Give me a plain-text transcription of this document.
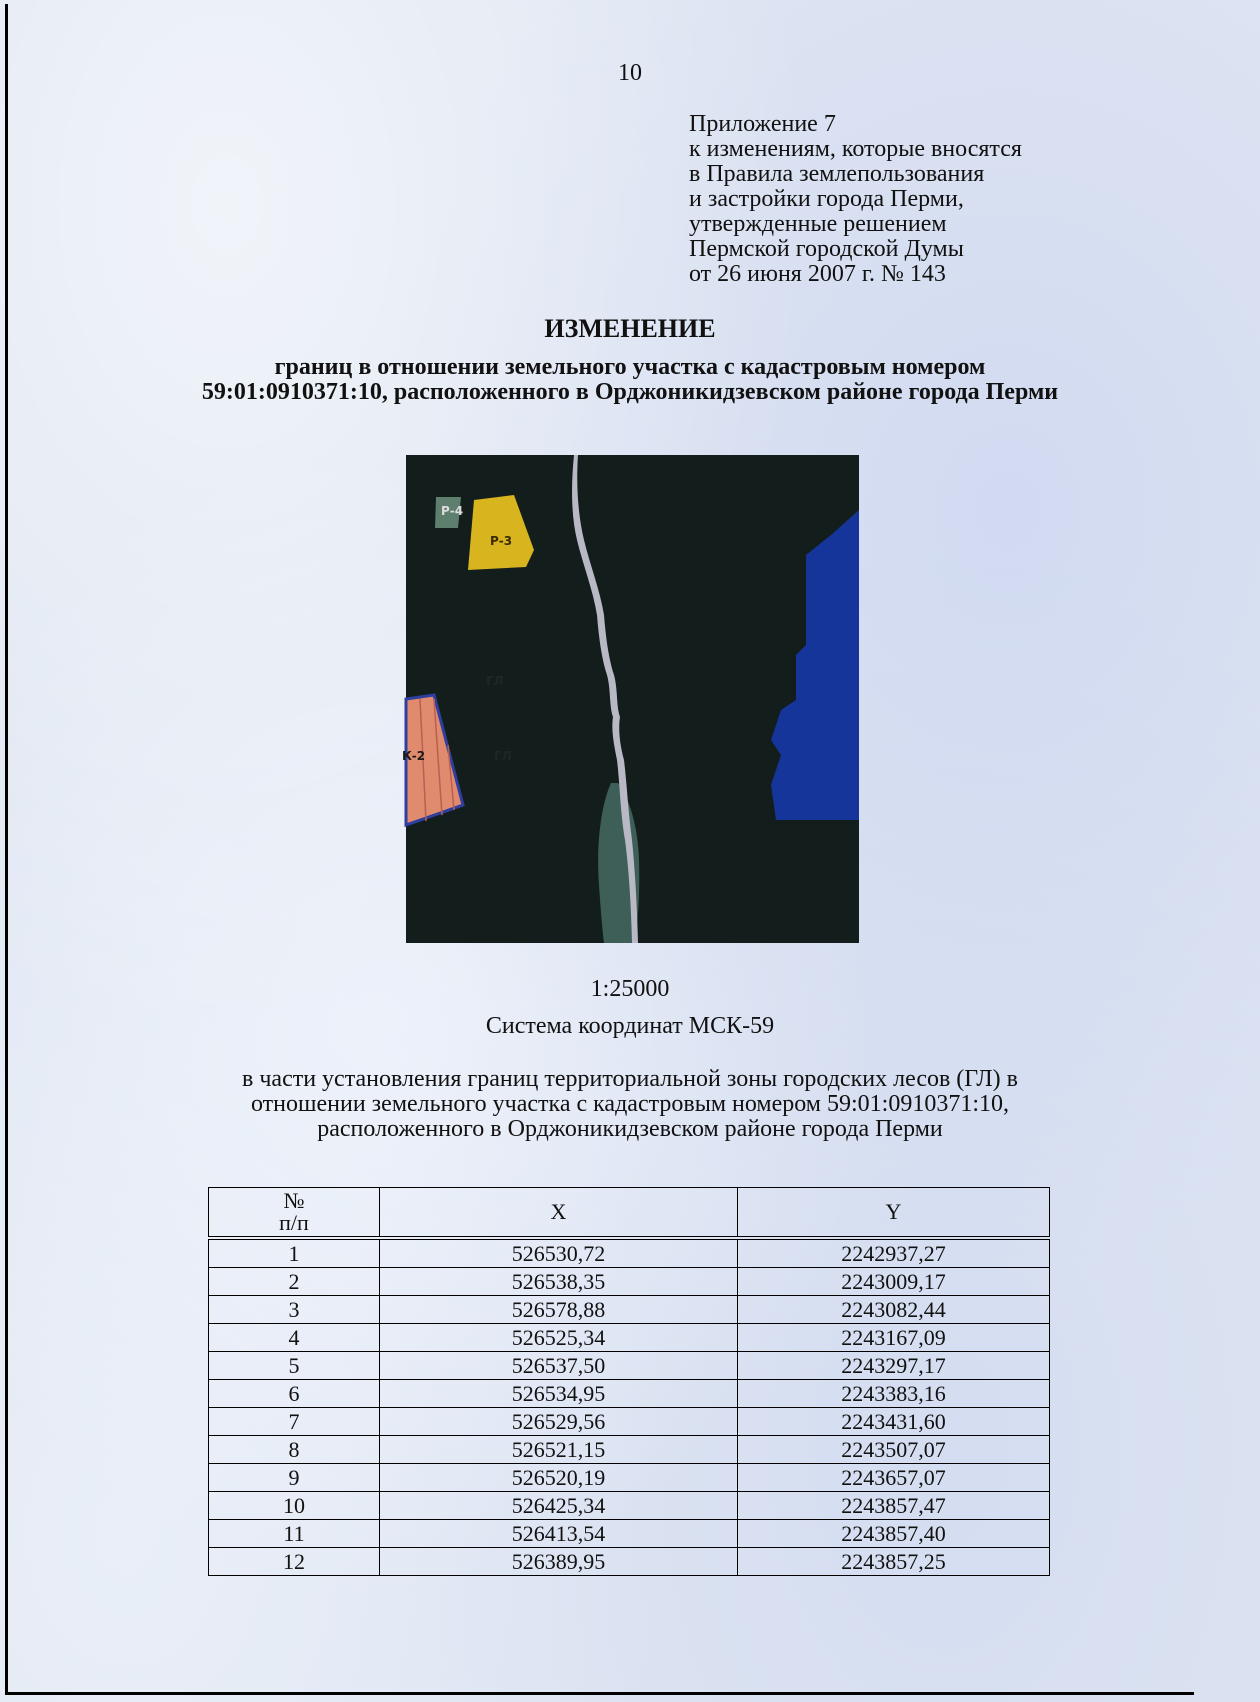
10
Приложение 7
к изменениям, которые вносятся
в Правила землепользования
и застройки города Перми,
утвержденные решением
Пермской городской Думы
от 26 июня 2007 г. № 143
ИЗМЕНЕНИЕ
границ в отношении земельного участка с кадастровым номером 59:01:0910371:10, расположенного в Орджоникидзевском районе города Перми
Р-4
Р-3
К-2
ГЛ
ГЛ
1:25000
Система координат МСК-59
в части установления границ территориальной зоны городских лесов (ГЛ) в отношении земельного участка с кадастровым номером 59:01:0910371:10, расположенного в Орджоникидзевском районе города Перми
№
п/п	X	Y
1	526530,72	2242937,27
2	526538,35	2243009,17
3	526578,88	2243082,44
4	526525,34	2243167,09
5	526537,50	2243297,17
6	526534,95	2243383,16
7	526529,56	2243431,60
8	526521,15	2243507,07
9	526520,19	2243657,07
10	526425,34	2243857,47
11	526413,54	2243857,40
12	526389,95	2243857,25
